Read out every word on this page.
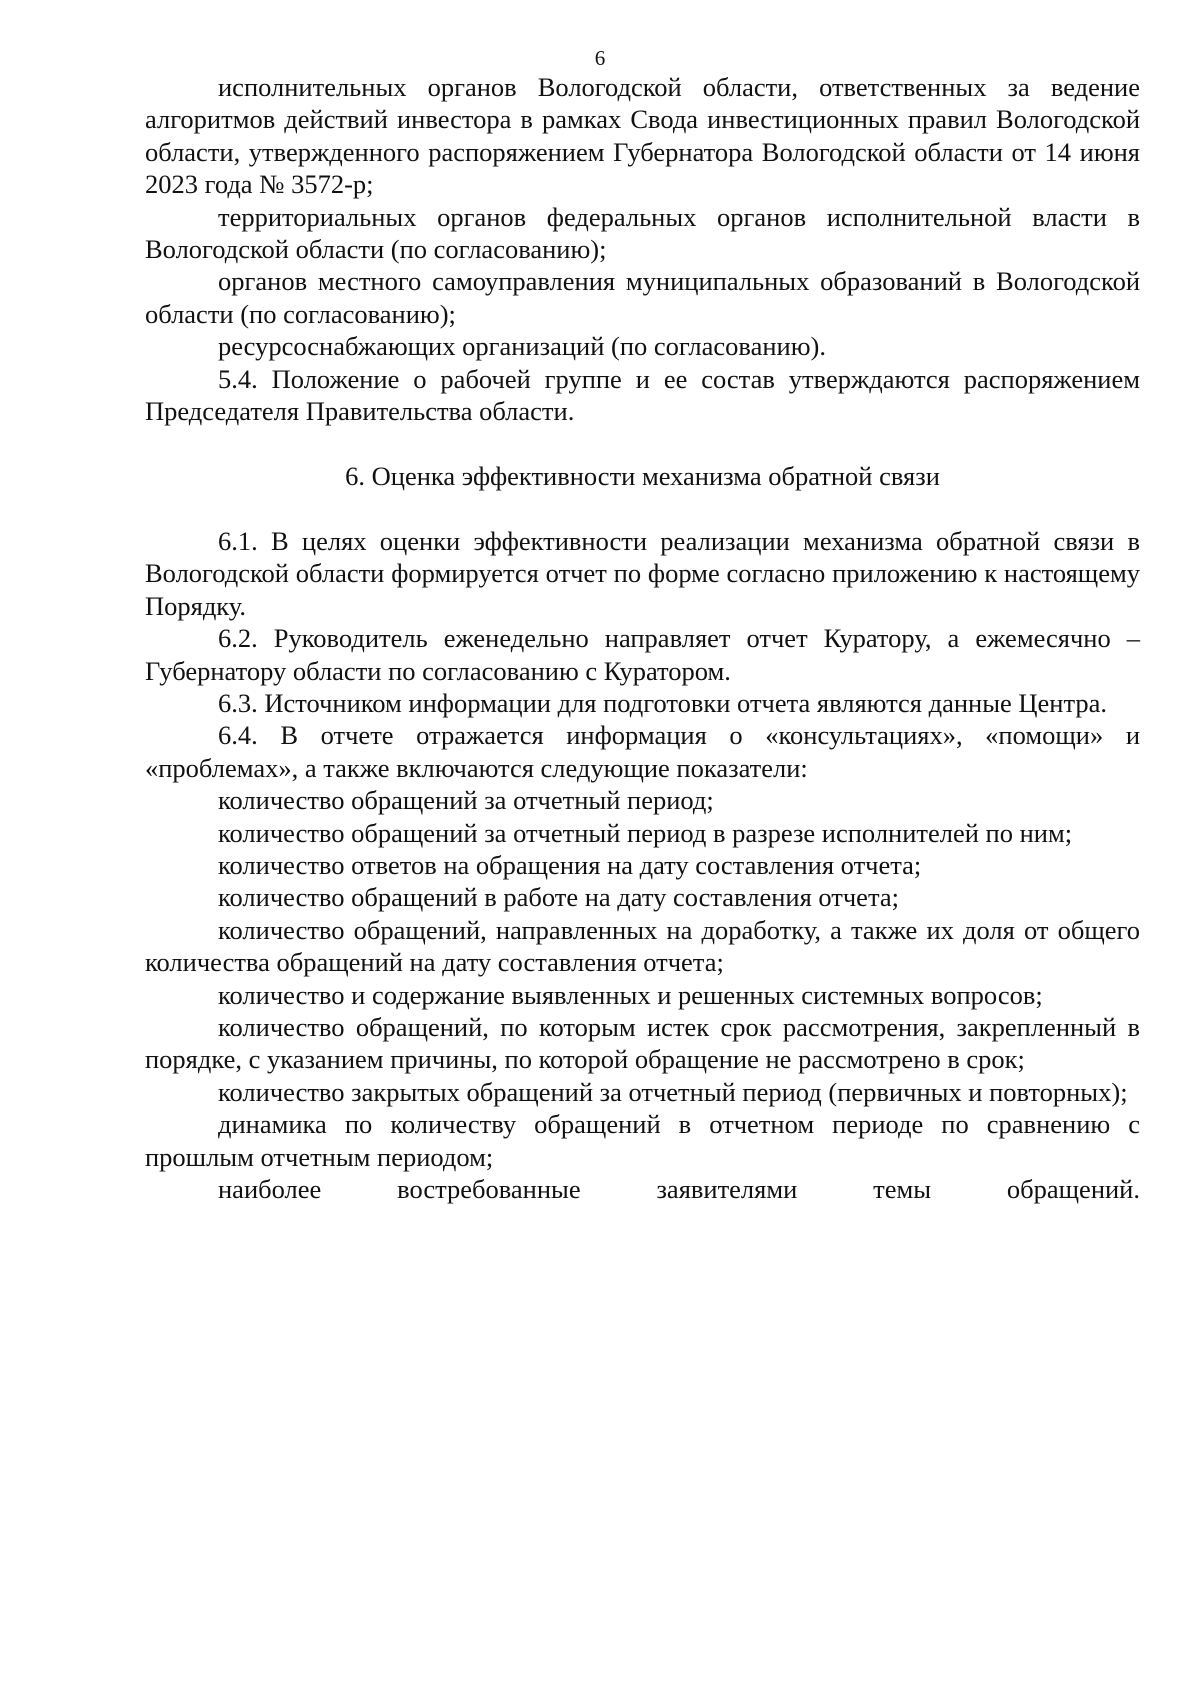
6

исполнительных органов Вологодской области, ответственных за ведение алгоритмов действий инвестора в рамках Свода инвестиционных правил Вологодской области, утвержденного распоряжением Губернатора Вологодской области от 14 июня 2023 года № 3572-р;

территориальных органов федеральных органов исполнительной власти в Вологодской области (по согласованию);

органов местного самоуправления муниципальных образований в Вологодской области (по согласованию);

ресурсоснабжающих организаций (по согласованию).

5.4. Положение о рабочей группе и ее состав утверждаются распоряжением Председателя Правительства области.

6. Оценка эффективности механизма обратной связи

6.1. В целях оценки эффективности реализации механизма обратной связи в Вологодской области формируется отчет по форме согласно приложению к настоящему Порядку.

6.2. Руководитель еженедельно направляет отчет Куратору, а ежемесячно – Губернатору области по согласованию с Куратором.

6.3. Источником информации для подготовки отчета являются данные Центра.

6.4. В отчете отражается информация о «консультациях», «помощи» и «проблемах», а также включаются следующие показатели:

количество обращений за отчетный период;

количество обращений за отчетный период в разрезе исполнителей по ним;

количество ответов на обращения на дату составления отчета;

количество обращений в работе на дату составления отчета;

количество обращений, направленных на доработку, а также их доля от общего количества обращений на дату составления отчета;

количество и содержание выявленных и решенных системных вопросов;

количество обращений, по которым истек срок рассмотрения, закрепленный в порядке, с указанием причины, по которой обращение не рассмотрено в срок;

количество закрытых обращений за отчетный период (первичных и повторных);

динамика по количеству обращений в отчетном периоде по сравнению с прошлым отчетным периодом;

наиболее востребованные заявителями темы обращений.
